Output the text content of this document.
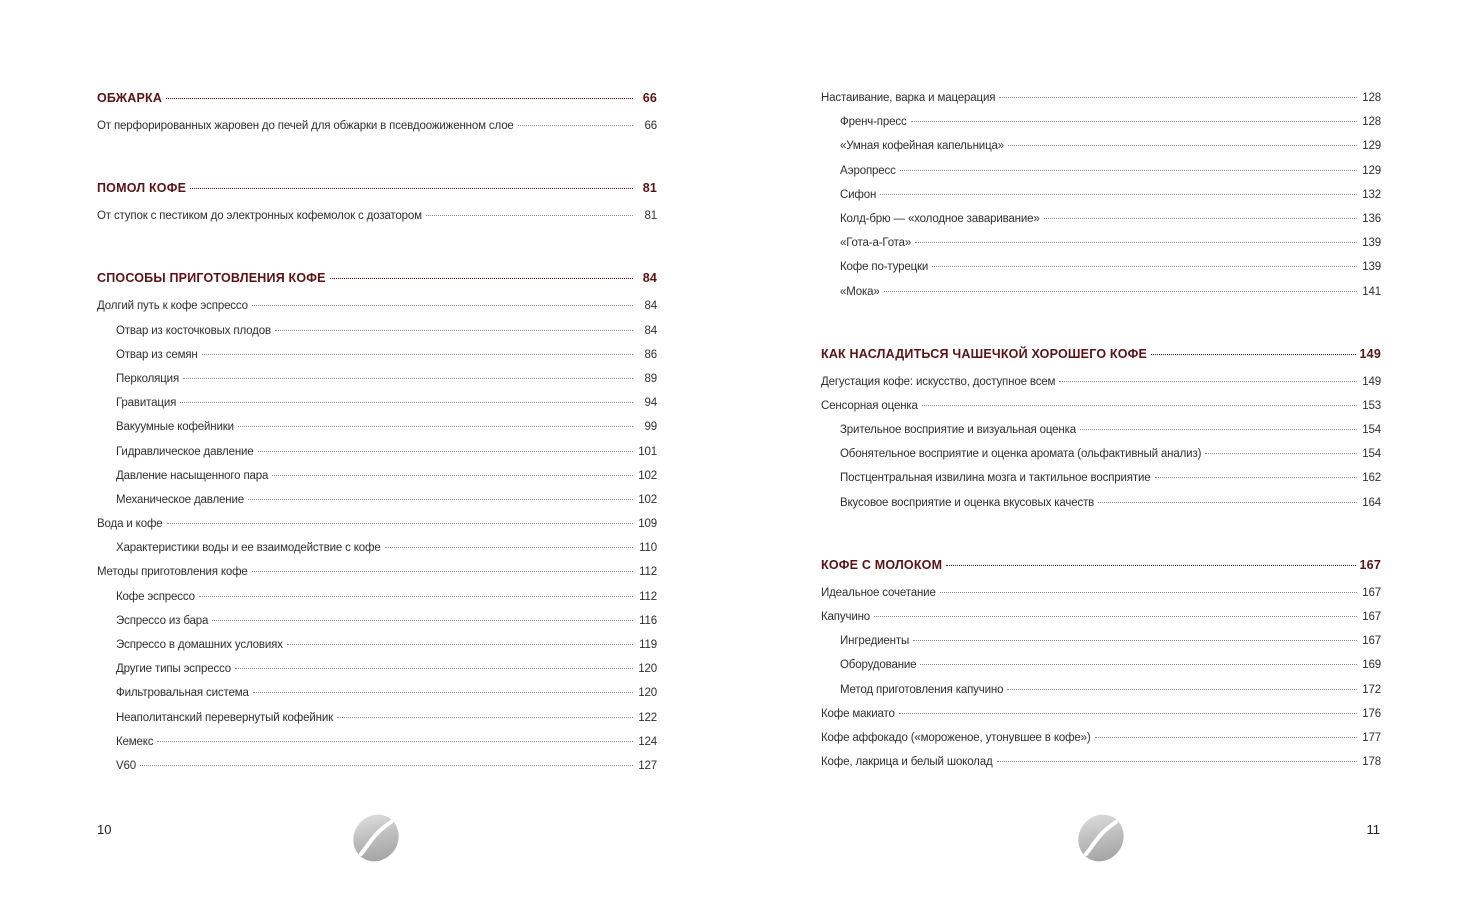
ОБЖАРКА	66
От перфорированных жаровен до печей для обжарки в псевдоожиженном слое	66
ПОМОЛ КОФЕ	81
От ступок с пестиком до электронных кофемолок с дозатором	81
СПОСОБЫ ПРИГОТОВЛЕНИЯ КОФЕ	84
Долгий путь к кофе эспрессо	84
Отвар из косточковых плодов	84
Отвар из семян	86
Перколяция	89
Гравитация	94
Вакуумные кофейники	99
Гидравлическое давление	101
Давление насыщенного пара	102
Механическое давление	102
Вода и кофе	109
Характеристики воды и ее взаимодействие с кофе	110
Методы приготовления кофе	112
Кофе эспрессо	112
Эспрессо из бара	116
Эспрессо в домашних условиях	119
Другие типы эспрессо	120
Фильтровальная система	120
Неаполитанский перевернутый кофейник	122
Кемекс	124
V60	127
10
Настаивание, варка и мацерация	128
Френч-пресс	128
«Умная кофейная капельница»	129
Аэропресс	129
Сифон	132
Колд-брю — «холодное заваривание»	136
«Гота-а-Гота»	139
Кофе по-турецки	139
«Мока»	141
КАК НАСЛАДИТЬСЯ ЧАШЕЧКОЙ ХОРОШЕГО КОФЕ	149
Дегустация кофе: искусство, доступное всем	149
Сенсорная оценка	153
Зрительное восприятие и визуальная оценка	154
Обонятельное восприятие и оценка аромата (ольфактивный анализ)	154
Постцентральная извилина мозга и тактильное восприятие	162
Вкусовое восприятие и оценка вкусовых качеств	164
КОФЕ С МОЛОКОМ	167
Идеальное сочетание	167
Капучино	167
Ингредиенты	167
Оборудование	169
Метод приготовления капучино	172
Кофе макиато	176
Кофе аффокадо («мороженое, утонувшее в кофе»)	177
Кофе, лакрица и белый шоколад	178
11
